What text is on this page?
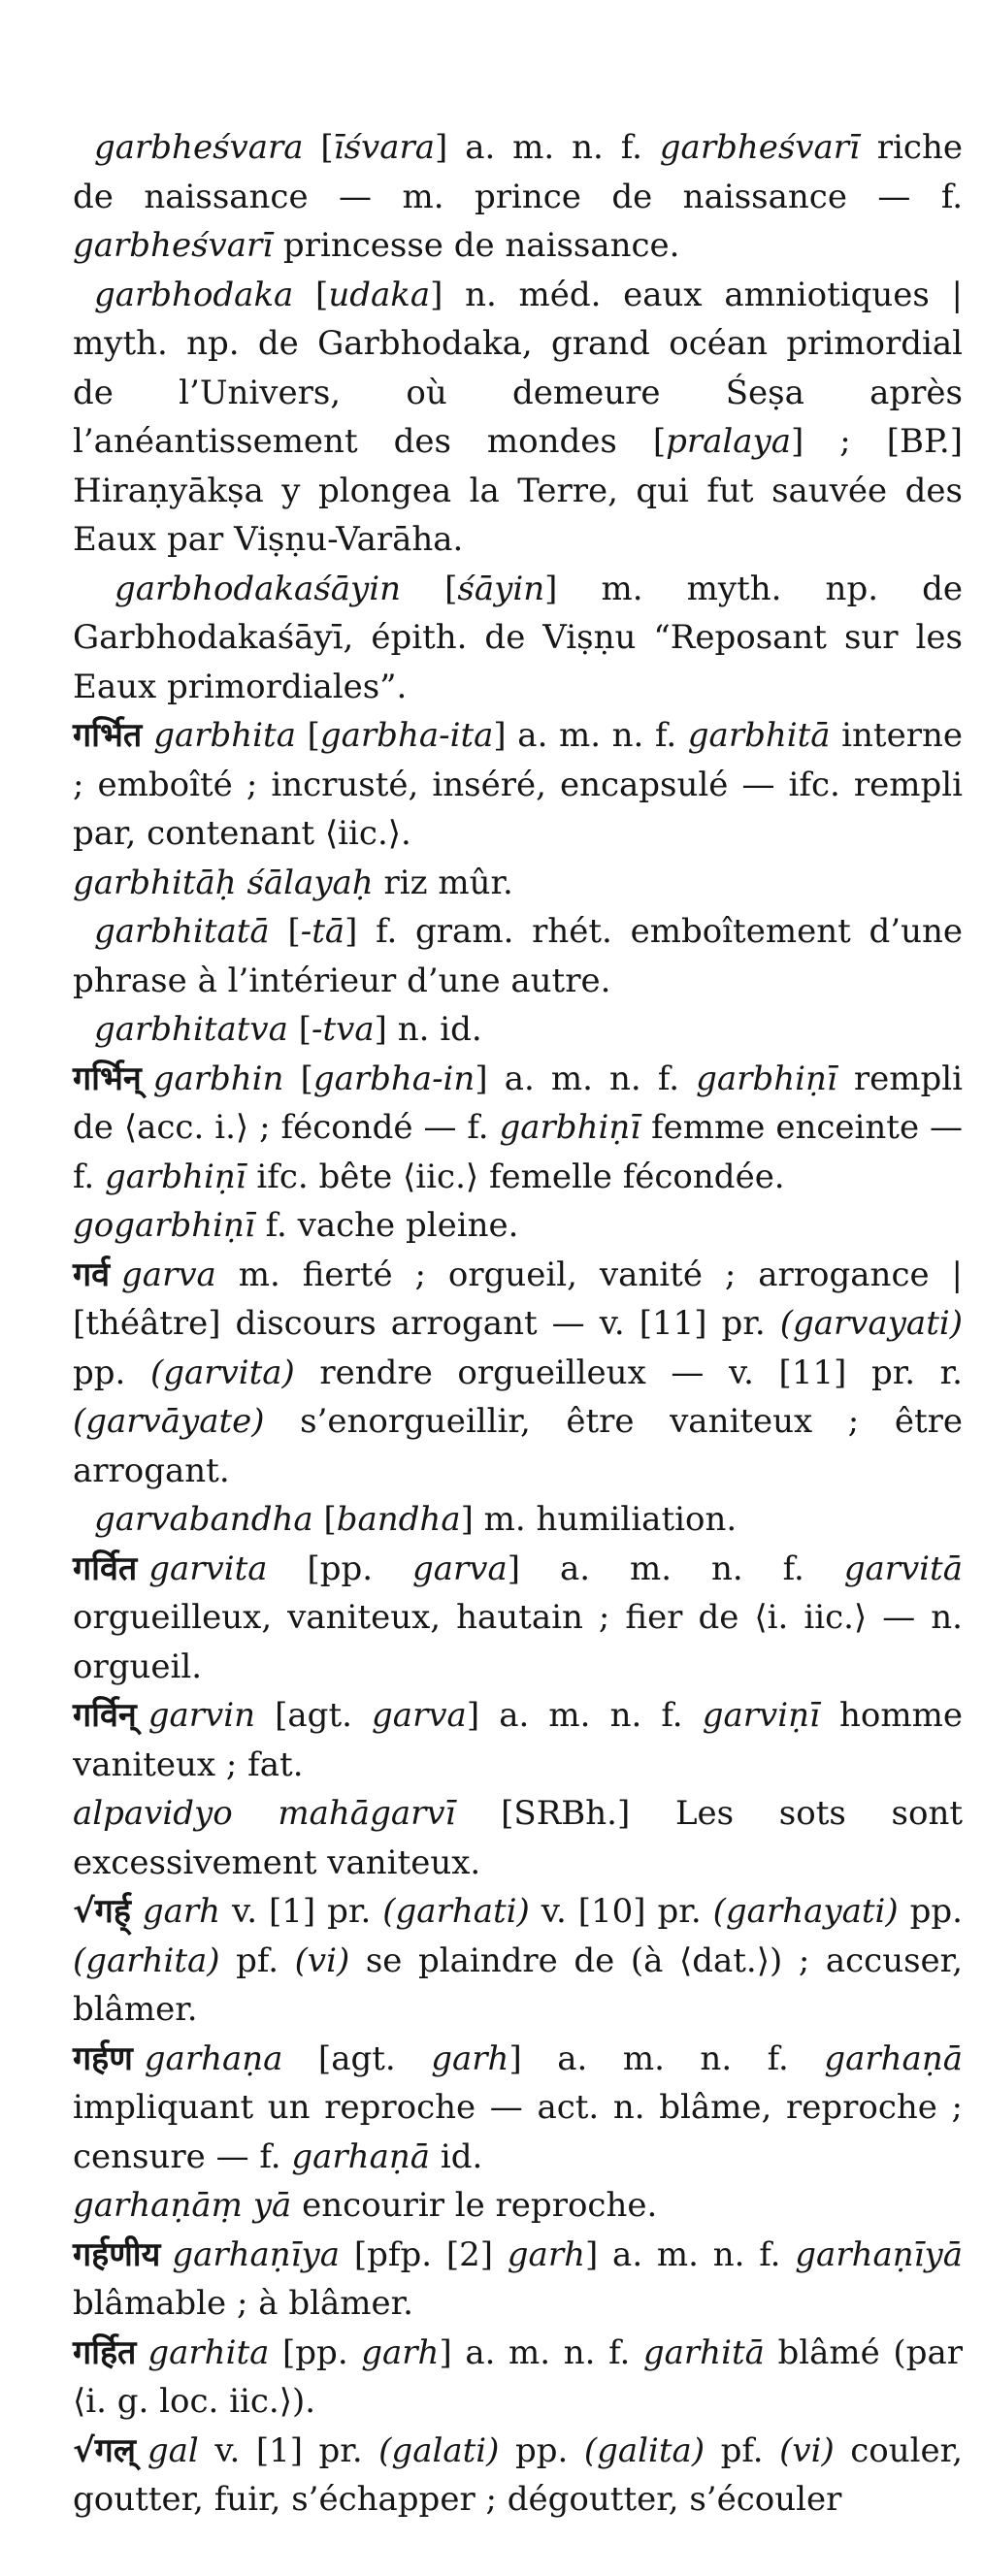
garbheśvara [īśvara] a. m. n. f. garbheśvarī riche de naissance — m. prince de naissance — f. garbheśvarī princesse de naissance.

garbhodaka [udaka] n. méd. eaux amniotiques | myth. np. de Garbhodaka, grand océan primordial de l’Univers, où demeure Śeṣa après l’anéantissement des mondes [pralaya] ; [BP.] Hiraṇyākṣa y plongea la Terre, qui fut sauvée des Eaux par Viṣṇu-Varāha.

garbhodakaśāyin [śāyin] m. myth. np. de Garbhodakaśāyī, épith. de Viṣṇu “Reposant sur les Eaux primordiales”.

गर्भित garbhita [garbha-ita] a. m. n. f. garbhitā interne ; emboîté ; incrusté, inséré, encapsulé — ifc. rempli par, contenant ⟨iic.⟩.

garbhitāḥ śālayaḥ riz mûr.

garbhitatā [-tā] f. gram. rhét. emboîtement d’une phrase à l’intérieur d’une autre.

garbhitatva [-tva] n. id.

गर्भिन् garbhin [garbha-in] a. m. n. f. garbhiṇī rempli de ⟨acc. i.⟩ ; fécondé — f. garbhiṇī femme enceinte — f. garbhiṇī ifc. bête ⟨iic.⟩ femelle fécondée.

gogarbhiṇī f. vache pleine.

गर्व garva m. fierté ; orgueil, vanité ; arrogance | [théâtre] discours arrogant — v. [11] pr. (garvayati) pp. (garvita) rendre orgueilleux — v. [11] pr. r. (garvāyate) s’enorgueillir, être vaniteux ; être arrogant.

garvabandha [bandha] m. humiliation.

गर्वित garvita [pp. garva] a. m. n. f. garvitā orgueilleux, vaniteux, hautain ; fier de ⟨i. iic.⟩ — n. orgueil.

गर्विन् garvin [agt. garva] a. m. n. f. garviṇī homme vaniteux ; fat.

alpavidyo mahāgarvī [SRBh.] Les sots sont excessivement vaniteux.

√गर्ह् garh v. [1] pr. (garhati) v. [10] pr. (garhayati) pp. (garhita) pf. (vi) se plaindre de (à ⟨dat.⟩) ; accuser, blâmer.

गर्हण garhaṇa [agt. garh] a. m. n. f. garhaṇā impliquant un reproche — act. n. blâme, reproche ; censure — f. garhaṇā id.

garhaṇāṃ yā encourir le reproche.

गर्हणीय garhaṇīya [pfp. [2] garh] a. m. n. f. garhaṇīyā blâmable ; à blâmer.

गर्हित garhita [pp. garh] a. m. n. f. garhitā blâmé (par ⟨i. g. loc. iic.⟩).

√गल् gal v. [1] pr. (galati) pp. (galita) pf. (vi) couler, goutter, fuir, s’échapper ; dégoutter, s’écouler
